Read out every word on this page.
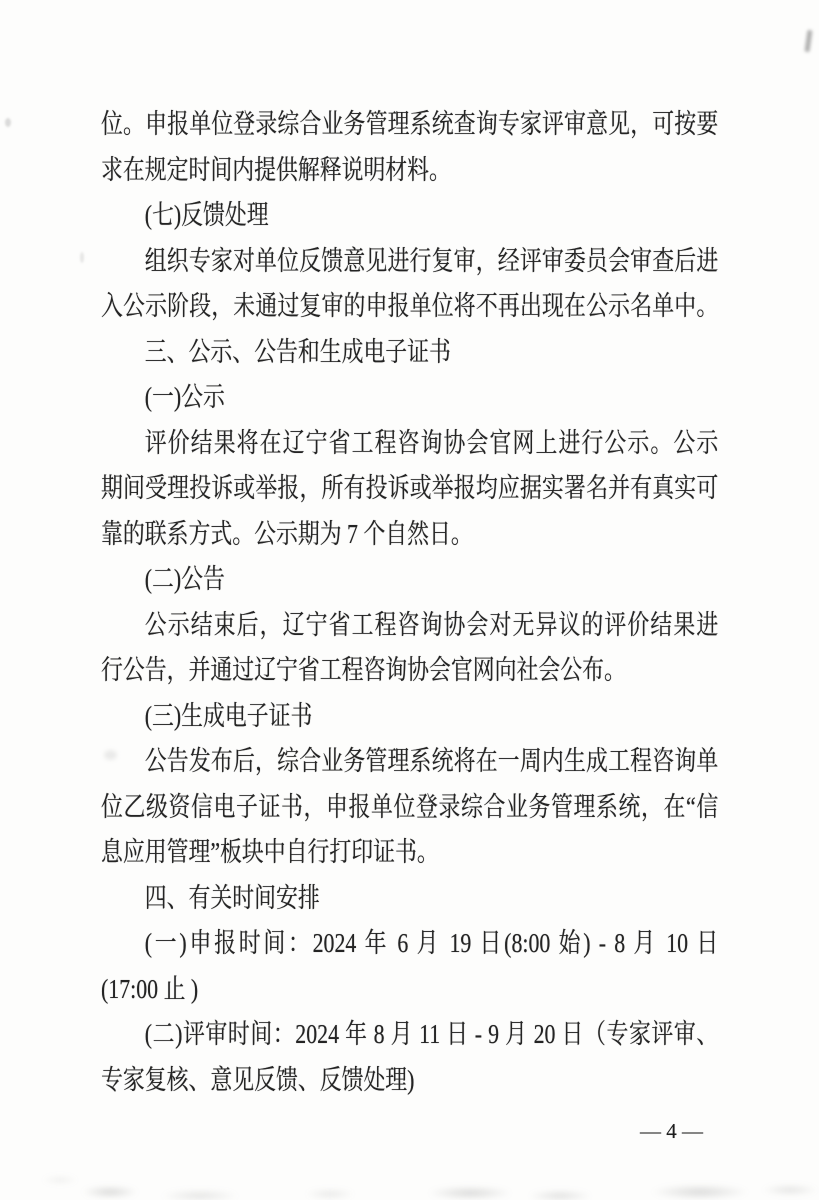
位。申报单位登录综合业务管理系统查询专家评审意见，可按要
求在规定时间内提供解释说明材料。
(七)反馈处理
组织专家对单位反馈意见进行复审，经评审委员会审查后进
入公示阶段，未通过复审的申报单位将不再出现在公示名单中。
三、公示、公告和生成电子证书
(一)公示
评价结果将在辽宁省工程咨询协会官网上进行公示。公示
期间受理投诉或举报，所有投诉或举报均应据实署名并有真实可
靠的联系方式。公示期为 7 个自然日。
(二)公告
公示结束后，辽宁省工程咨询协会对无异议的评价结果进
行公告，并通过辽宁省工程咨询协会官网向社会公布。
(三)生成电子证书
公告发布后，综合业务管理系统将在一周内生成工程咨询单
位乙级资信电子证书，申报单位登录综合业务管理系统，在“信
息应用管理”板块中自行打印证书。
四、有关时间安排
(一)申报时间：2024 年 6 月 19 日(8:00 始) - 8 月 10 日
(17:00 止 )
(二)评审时间：2024 年 8 月 11 日 - 9 月 20 日（专家评审、
专家复核、意见反馈、反馈处理)
— 4 —
